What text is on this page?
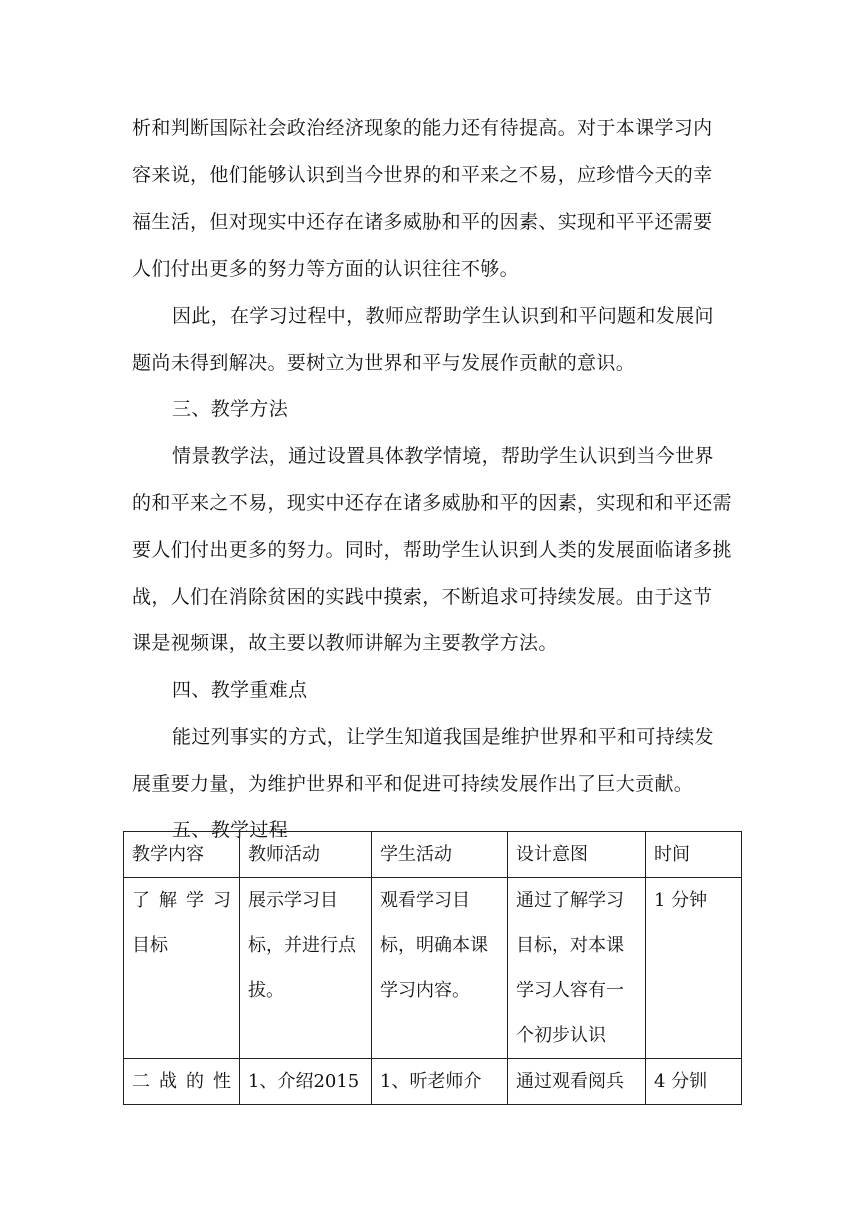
析和判断国际社会政治经济现象的能力还有待提高。对于本课学习内
容来说，他们能够认识到当今世界的和平来之不易，应珍惜今天的幸
福生活，但对现实中还存在诸多威胁和平的因素、实现和平平还需要
人们付出更多的努力等方面的认识往往不够。
因此，在学习过程中，教师应帮助学生认识到和平问题和发展问
题尚未得到解决。要树立为世界和平与发展作贡献的意识。
三、教学方法
情景教学法，通过设置具体教学情境，帮助学生认识到当今世界
的和平来之不易，现实中还存在诸多威胁和平的因素，实现和和平还需
要人们付出更多的努力。同时，帮助学生认识到人类的发展面临诸多挑
战，人们在消除贫困的实践中摸索，不断追求可持续发展。由于这节
课是视频课，故主要以教师讲解为主要教学方法。
四、教学重难点
能过列事实的方式，让学生知道我国是维护世界和平和可持续发
展重要力量，为维护世界和平和促进可持续发展作出了巨大贡献。
五、教学过程
教学内容	教师活动	学生活动	设计意图	时间

了 解 学 习
目标	展示学习目
标，并进行点
拔。	观看学习目
标，明确本课
学习内容。	通过了解学习
目标，对本课
学习人容有一
个初步认识	1 分钟

二 战 的 性	1、介绍2015	1、听老师介	通过观看阅兵	4 分钏
